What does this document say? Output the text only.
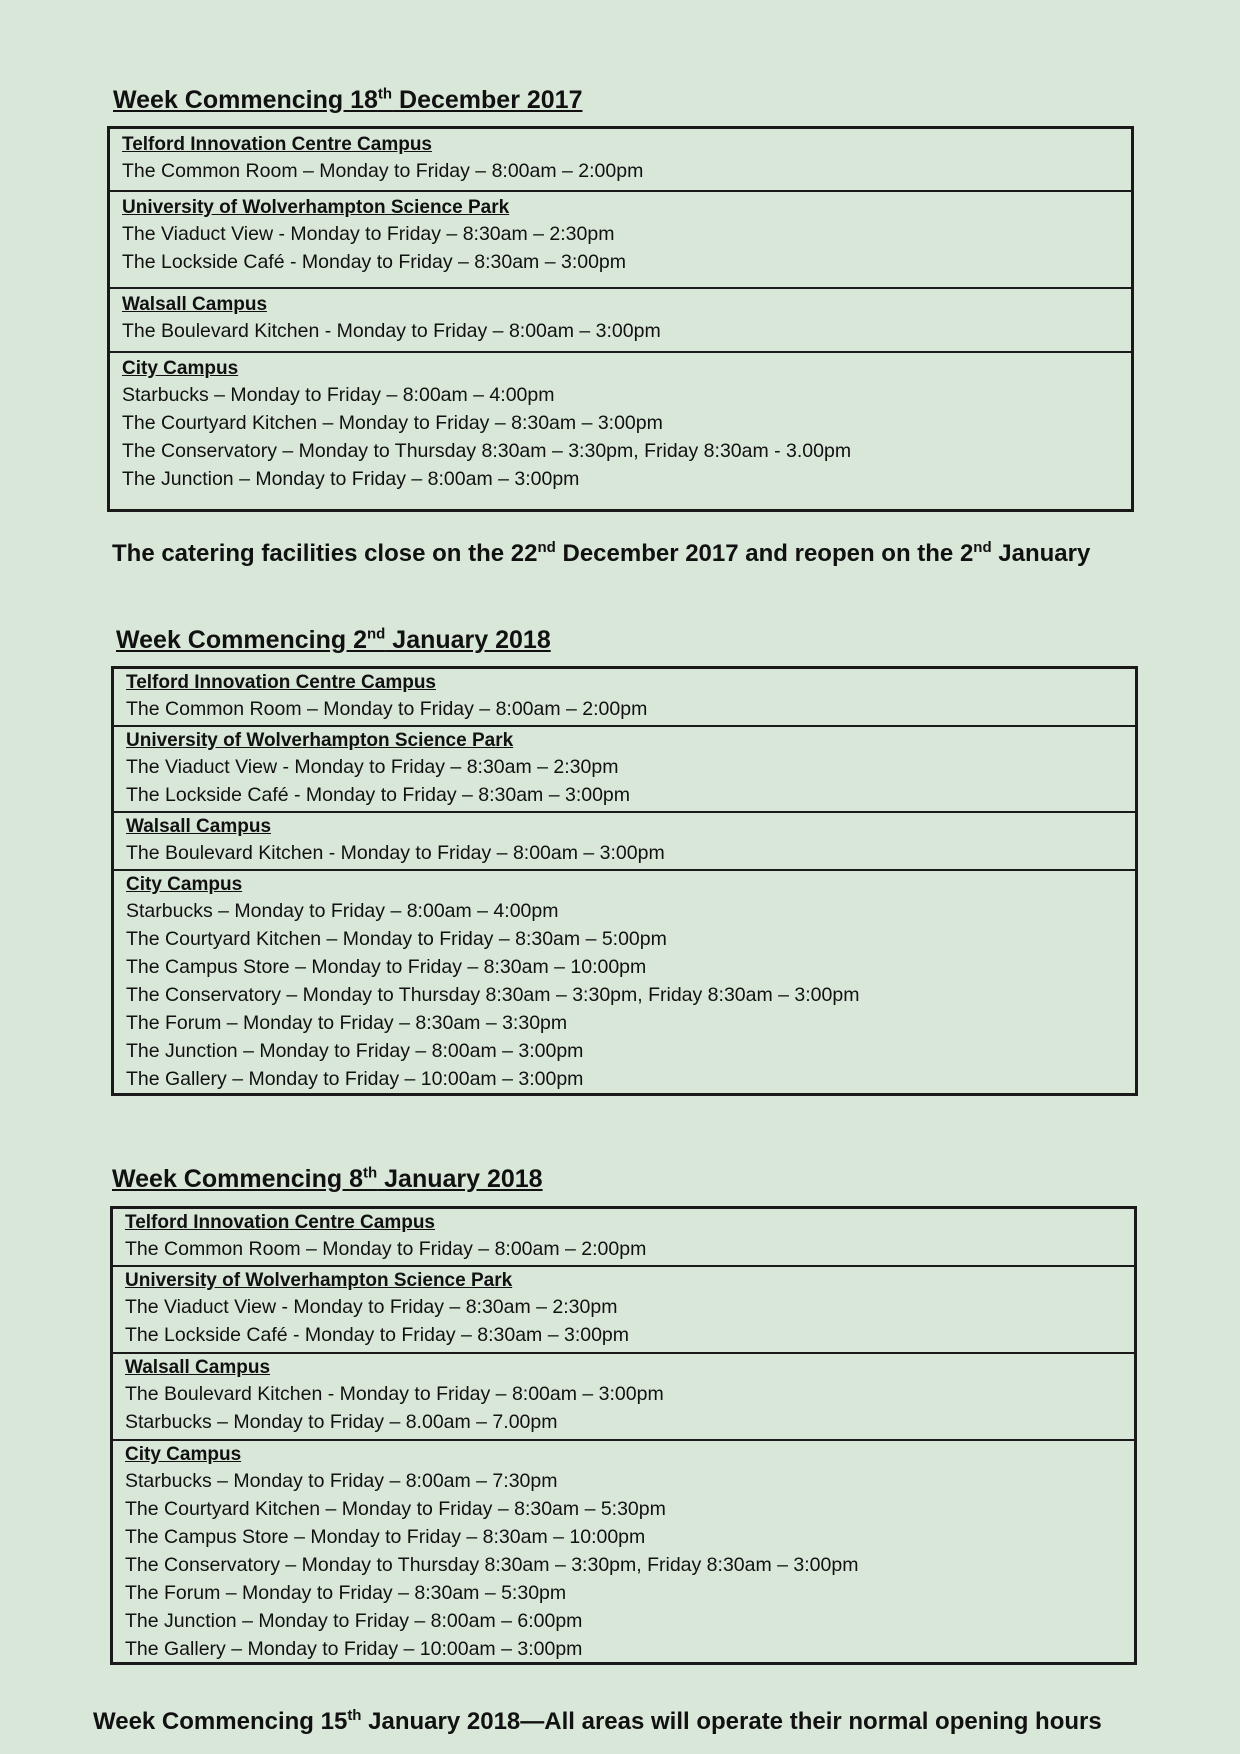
Week Commencing 18th December 2017
Telford Innovation Centre Campus
The Common Room – Monday to Friday – 8:00am – 2:00pm
University of Wolverhampton Science Park
The Viaduct View - Monday to Friday – 8:30am – 2:30pm
The Lockside Café - Monday to Friday – 8:30am – 3:00pm
Walsall Campus
The Boulevard Kitchen - Monday to Friday – 8:00am – 3:00pm
City Campus
Starbucks – Monday to Friday – 8:00am – 4:00pm
The Courtyard Kitchen – Monday to Friday – 8:30am – 3:00pm
The Conservatory – Monday to Thursday 8:30am – 3:30pm, Friday 8:30am - 3.00pm
The Junction – Monday to Friday – 8:00am – 3:00pm
The catering facilities close on the 22nd December 2017 and reopen on the 2nd January
Week Commencing 2nd January 2018
Telford Innovation Centre Campus
The Common Room – Monday to Friday – 8:00am – 2:00pm
University of Wolverhampton Science Park
The Viaduct View - Monday to Friday – 8:30am – 2:30pm
The Lockside Café - Monday to Friday – 8:30am – 3:00pm
Walsall Campus
The Boulevard Kitchen - Monday to Friday – 8:00am – 3:00pm
City Campus
Starbucks – Monday to Friday – 8:00am – 4:00pm
The Courtyard Kitchen – Monday to Friday – 8:30am – 5:00pm
The Campus Store – Monday to Friday – 8:30am – 10:00pm
The Conservatory – Monday to Thursday 8:30am – 3:30pm, Friday 8:30am – 3:00pm
The Forum – Monday to Friday – 8:30am – 3:30pm
The Junction – Monday to Friday – 8:00am – 3:00pm
The Gallery – Monday to Friday – 10:00am – 3:00pm
Week Commencing 8th January 2018
Telford Innovation Centre Campus
The Common Room – Monday to Friday – 8:00am – 2:00pm
University of Wolverhampton Science Park
The Viaduct View - Monday to Friday – 8:30am – 2:30pm
The Lockside Café - Monday to Friday – 8:30am – 3:00pm
Walsall Campus
The Boulevard Kitchen - Monday to Friday – 8:00am – 3:00pm
Starbucks – Monday to Friday – 8.00am – 7.00pm
City Campus
Starbucks – Monday to Friday – 8:00am – 7:30pm
The Courtyard Kitchen – Monday to Friday – 8:30am – 5:30pm
The Campus Store – Monday to Friday – 8:30am – 10:00pm
The Conservatory – Monday to Thursday 8:30am – 3:30pm, Friday 8:30am – 3:00pm
The Forum – Monday to Friday – 8:30am – 5:30pm
The Junction – Monday to Friday – 8:00am – 6:00pm
The Gallery – Monday to Friday – 10:00am – 3:00pm
Week Commencing 15th January 2018—All areas will operate their normal opening hours
